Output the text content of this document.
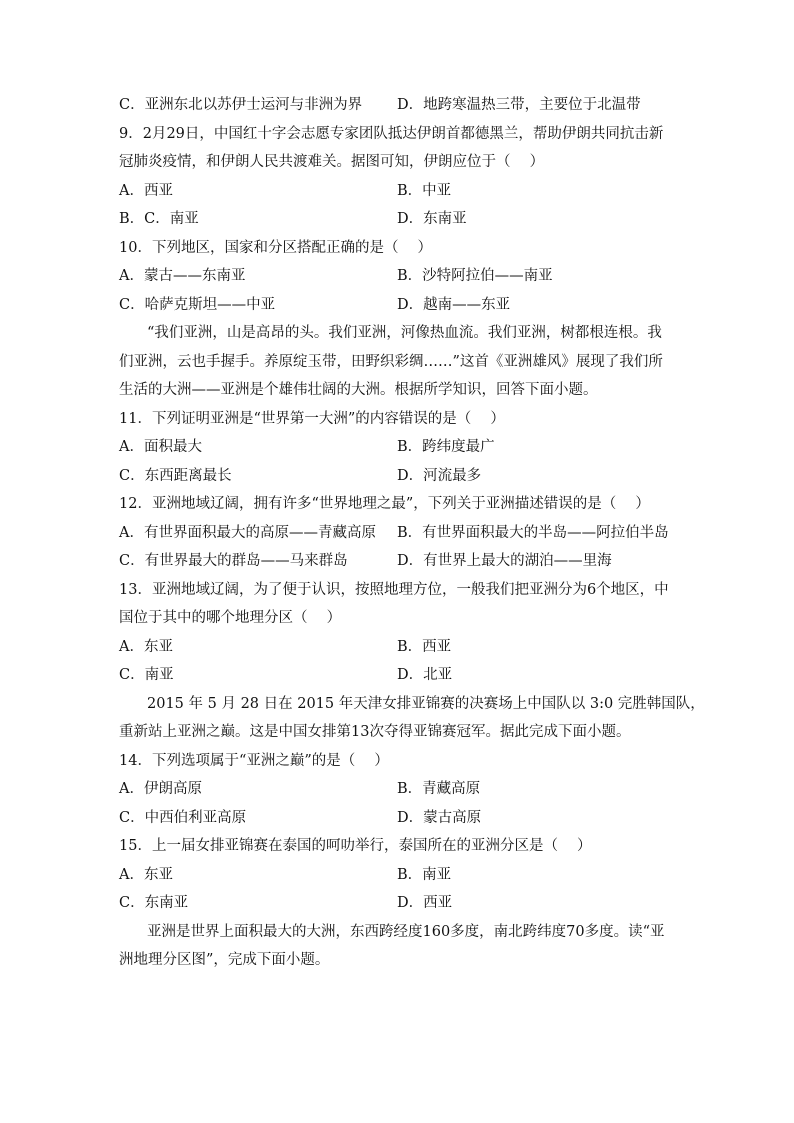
C．亚洲东北以苏伊士运河与非洲为界 D．地跨寒温热三带，主要位于北温带
9．2月29日，中国红十字会志愿专家团队抵达伊朗首都德黑兰，帮助伊朗共同抗击新
冠肺炎疫情，和伊朗人民共渡难关。据图可知，伊朗应位于（　 ）
A．西亚	B．中亚
B．C．南亚	D．东南亚
10．下列地区，国家和分区搭配正确的是（　 ）
A．蒙古——东南亚	B．沙特阿拉伯——南亚
C．哈萨克斯坦——中亚	D．越南——东亚
“我们亚洲，山是高昂的头。我们亚洲，河像热血流。我们亚洲，树都根连根。我
们亚洲，云也手握手。养原绽玉带，田野织彩绸……”这首《亚洲雄风》展现了我们所
生活的大洲——亚洲是个雄伟壮阔的大洲。根据所学知识，回答下面小题。
11．下列证明亚洲是“世界第一大洲”的内容错误的是（　 ）
A．面积最大	B．跨纬度最广
C．东西距离最长	D．河流最多
12．亚洲地域辽阔，拥有许多“世界地理之最”，下列关于亚洲描述错误的是（　 ）
A．有世界面积最大的高原——青藏高原 B．有世界面积最大的半岛——阿拉伯半岛
C．有世界最大的群岛——马来群岛	D．有世界上最大的湖泊——里海
13．亚洲地域辽阔，为了便于认识，按照地理方位，一般我们把亚洲分为6个地区，中
国位于其中的哪个地理分区（　 ）
A．东亚	B．西亚
C．南亚	D．北亚
2015 年 5 月 28 日在 2015 年天津女排亚锦赛的决赛场上中国队以 3:0 完胜韩国队，
重新站上亚洲之巅。这是中国女排第13次夺得亚锦赛冠军。据此完成下面小题。
14．下列选项属于“亚洲之巅”的是（　 ）
A．伊朗高原	B．青藏高原
C．中西伯利亚高原	D．蒙古高原
15．上一届女排亚锦赛在泰国的呵叻举行，泰国所在的亚洲分区是（　 ）
A．东亚	B．南亚
C．东南亚	D．西亚
亚洲是世界上面积最大的大洲，东西跨经度160多度，南北跨纬度70多度。读“亚
洲地理分区图”，完成下面小题。
